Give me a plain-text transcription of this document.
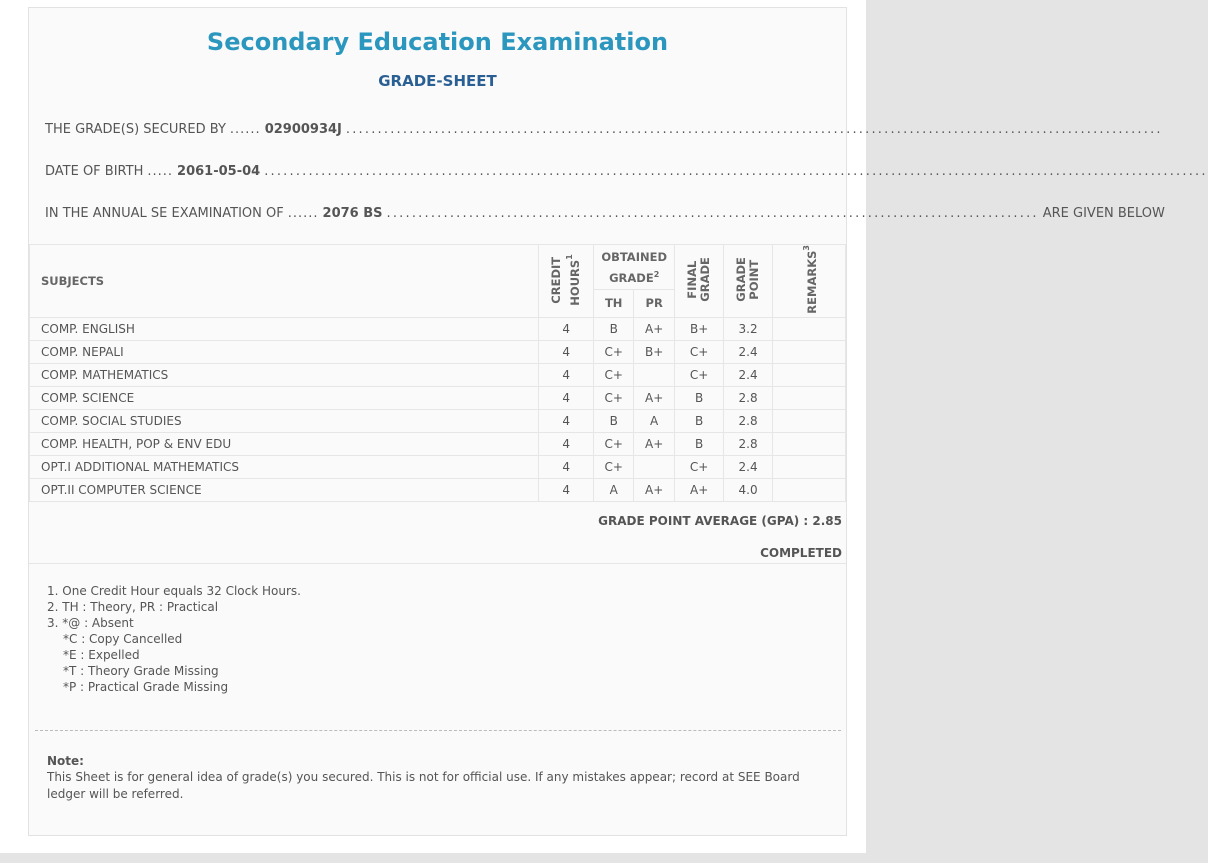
Secondary Education Examination
GRADE-SHEET
THE GRADE(S) SECURED BY ...... 02900934J .................................................................................................................................
DATE OF BIRTH ..... 2061-05-04 .....................................................................................................................................................
IN THE ANNUAL SE EXAMINATION OF ...... 2076 BS ....................................................................................................... ARE GIVEN BELOW
SUBJECTS	CREDIT HOURS$^1$	OBTAINED GRADE$^2$		FINAL GRADE	GRADE POINT	REMARKS$^3$
		TH	PR			
COMP. ENGLISH	4	B	A+	B+	3.2	
COMP. NEPALI	4	C+	B+	C+	2.4	
COMP. MATHEMATICS	4	C+		C+	2.4	
COMP. SCIENCE	4	C+	A+	B	2.8	
COMP. SOCIAL STUDIES	4	B	A	B	2.8	
COMP. HEALTH, POP & ENV EDU	4	C+	A+	B	2.8	
OPT.I ADDITIONAL MATHEMATICS	4	C+		C+	2.4	
OPT.II COMPUTER SCIENCE	4	A	A+	A+	4.0	
GRADE POINT AVERAGE (GPA) : 2.85
COMPLETED
1. One Credit Hour equals 32 Clock Hours.
2. TH : Theory, PR : Practical
3. *@ : Absent
*C : Copy Cancelled
*E : Expelled
*T : Theory Grade Missing
*P : Practical Grade Missing
Note:
This Sheet is for general idea of grade(s) you secured. This is not for official use. If any mistakes appear; record at SEE Board ledger will be referred.
